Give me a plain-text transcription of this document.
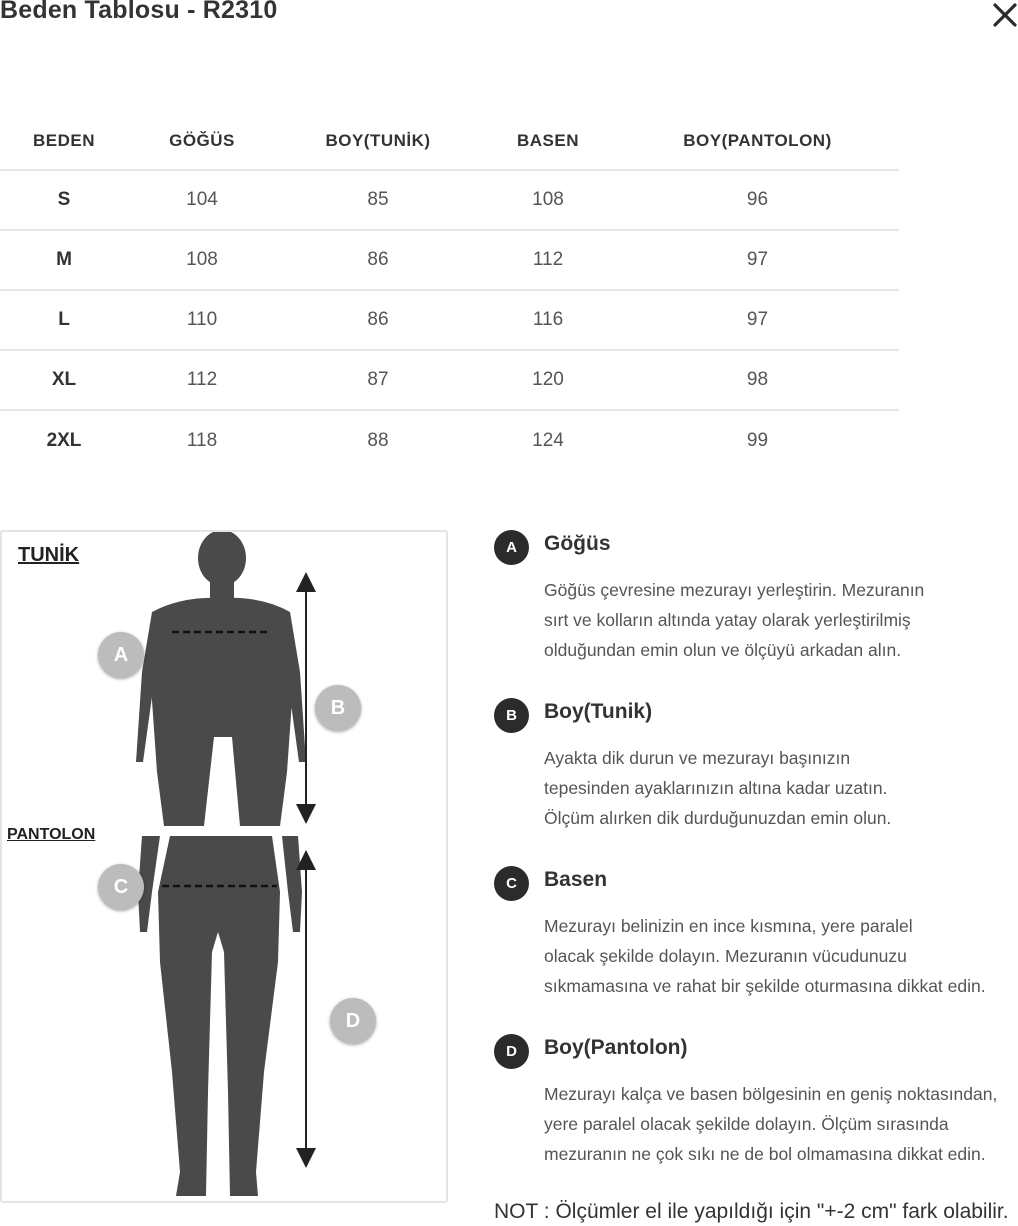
Beden Tablosu - R2310
BEDEN	GÖĞÜS	BOY(TUNİK)	BASEN	BOY(PANTOLON)
S	104	85	108	96
M	108	86	112	97
L	110	86	116	97
XL	112	87	120	98
2XL	118	88	124	99
TUNİK
PANTOLON
A
B
C
D
A	Göğüs
Göğüs çevresine mezurayı yerleştirin. Mezuranın
sırt ve kolların altında yatay olarak yerleştirilmiş
olduğundan emin olun ve ölçüyü arkadan alın.
B	Boy(Tunik)
Ayakta dik durun ve mezurayı başınızın
tepesinden ayaklarınızın altına kadar uzatın.
Ölçüm alırken dik durduğunuzdan emin olun.
C	Basen
Mezurayı belinizin en ince kısmına, yere paralel
olacak şekilde dolayın. Mezuranın vücudunuzu
sıkmamasına ve rahat bir şekilde oturmasına dikkat edin.
D	Boy(Pantolon)
Mezurayı kalça ve basen bölgesinin en geniş noktasından,
yere paralel olacak şekilde dolayın. Ölçüm sırasında
mezuranın ne çok sıkı ne de bol olmamasına dikkat edin.
NOT : Ölçümler el ile yapıldığı için "+-2 cm" fark olabilir.
